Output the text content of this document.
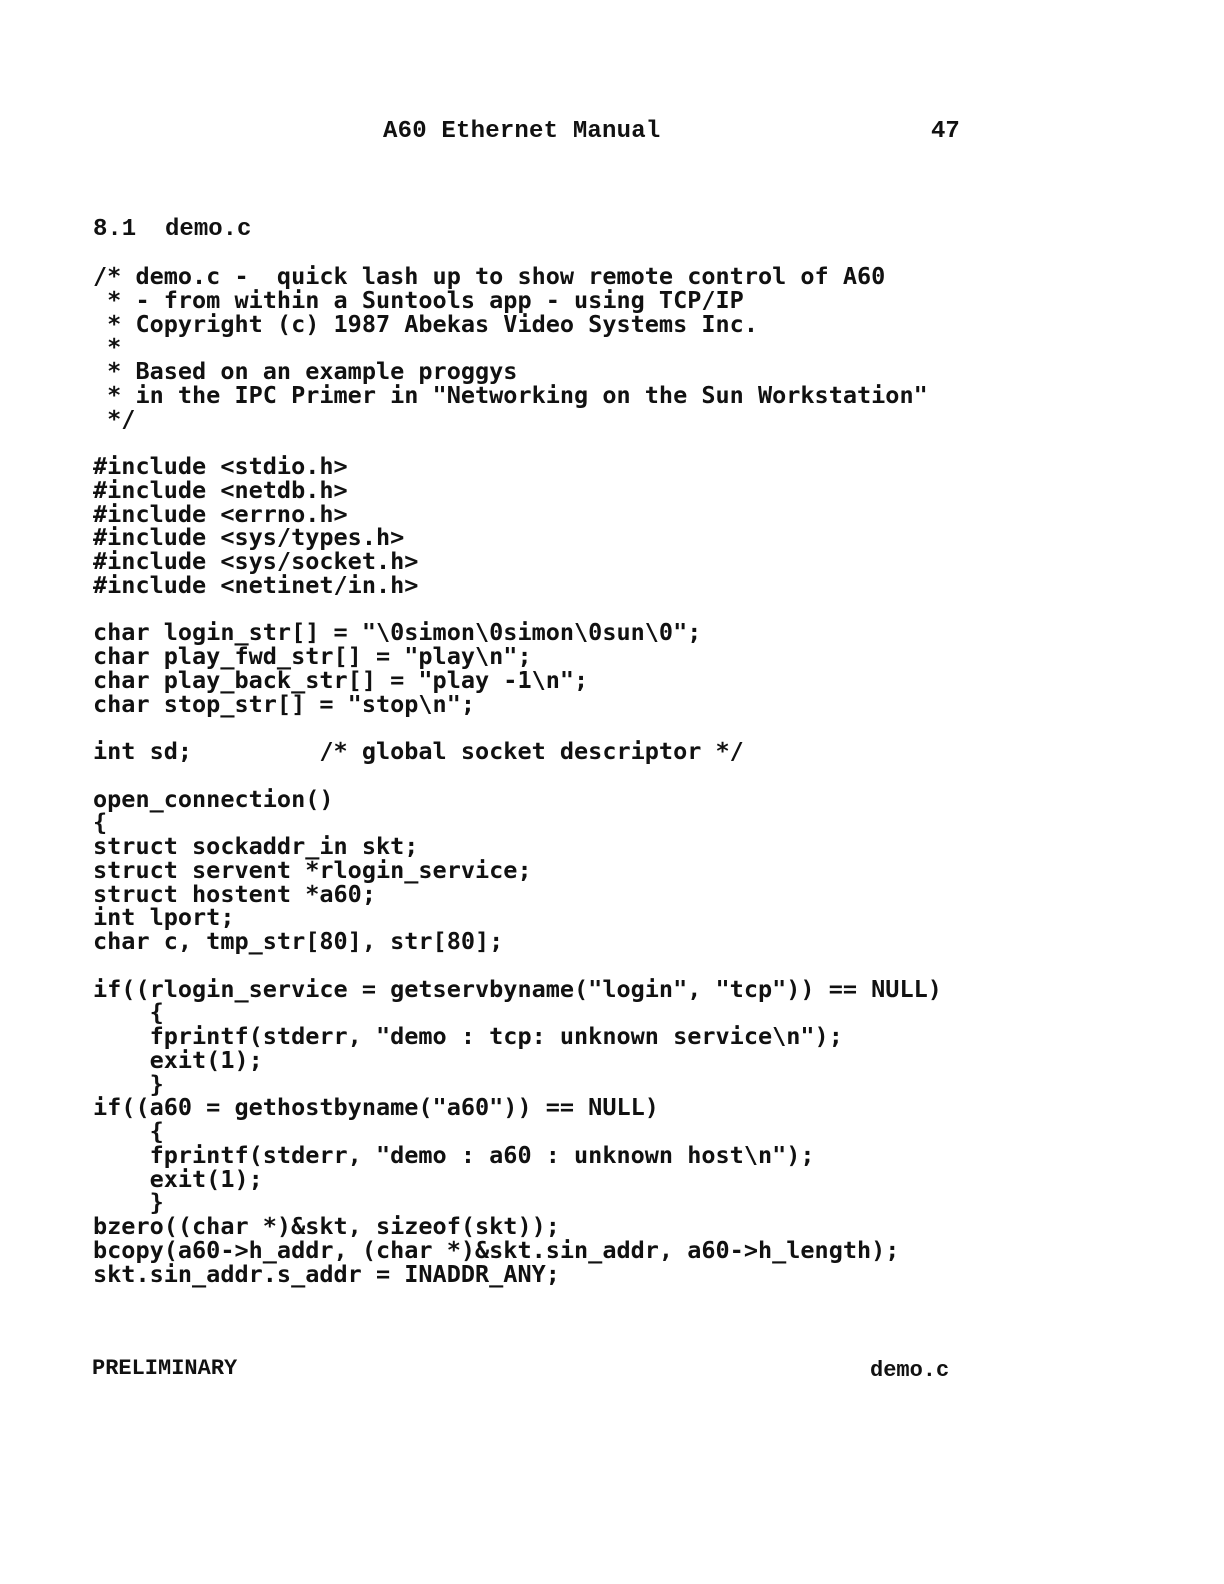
A60 Ethernet Manual	47
8.1  demo.c
/* demo.c -  quick lash up to show remote control of A60
* - from within a Suntools app - using TCP/IP
* Copyright (c) 1987 Abekas Video Systems Inc.
*
* Based on an example proggys
* in the IPC Primer in "Networking on the Sun Workstation"
*/
#include <stdio.h>
#include <netdb.h>
#include <errno.h>
#include <sys/types.h>
#include <sys/socket.h>
#include <netinet/in.h>
char login_str[] = "\0simon\0simon\0sun\0";
char play_fwd_str[] = "play\n";
char play_back_str[] = "play -1\n";
char stop_str[] = "stop\n";
int sd;         /* global socket descriptor */
open_connection()
{
struct sockaddr_in skt;
struct servent *rlogin_service;
struct hostent *a60;
int lport;
char c, tmp_str[80], str[80];
if((rlogin_service = getservbyname("login", "tcp")) == NULL)
{
fprintf(stderr, "demo : tcp: unknown service\n");
exit(1);
}
if((a60 = gethostbyname("a60")) == NULL)
{
fprintf(stderr, "demo : a60 : unknown host\n");
exit(1);
}
bzero((char *)&skt, sizeof(skt));
bcopy(a60->h_addr, (char *)&skt.sin_addr, a60->h_length);
skt.sin_addr.s_addr = INADDR_ANY;
PRELIMINARY	demo.c
